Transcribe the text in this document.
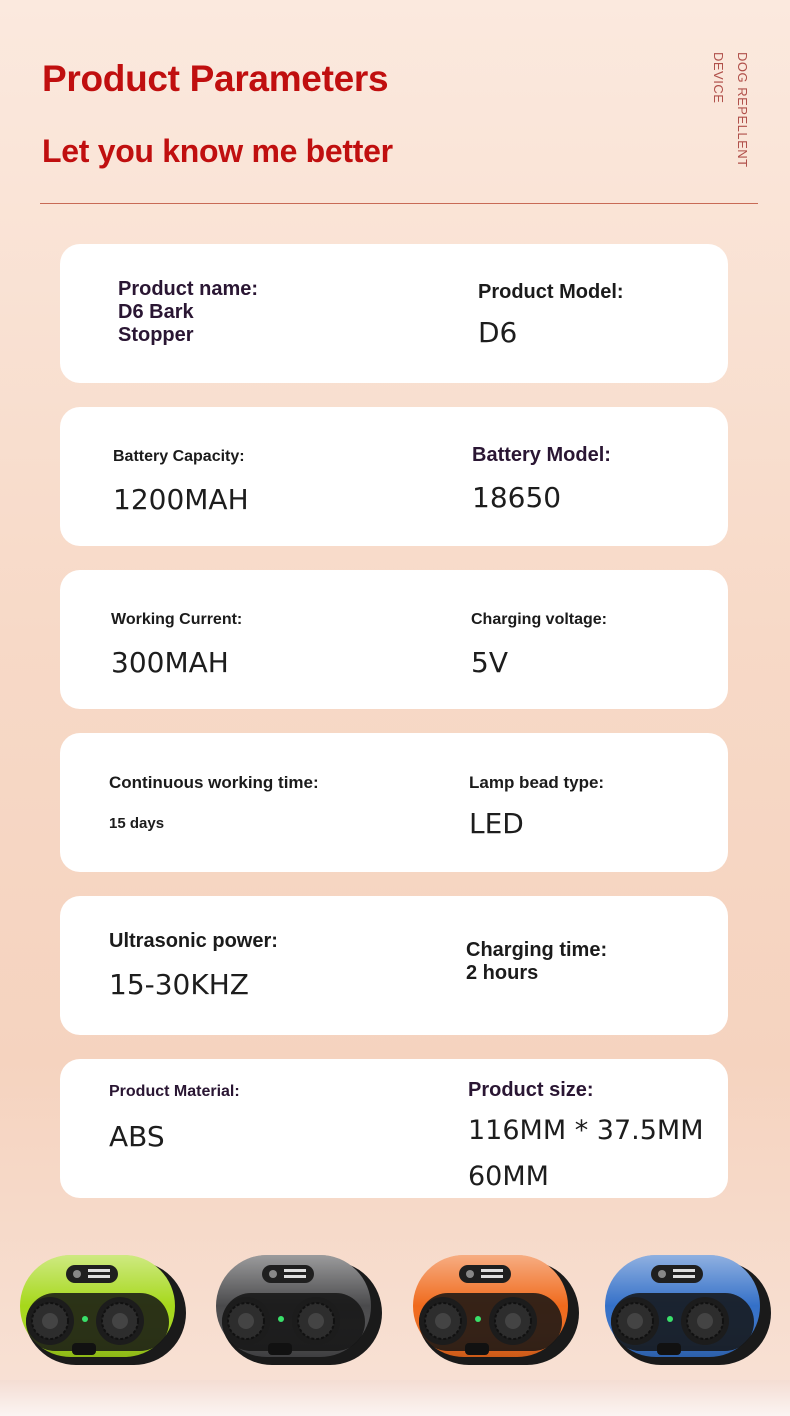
Product Parameters
Let you know me better	DOG REPELLENT
DEVICE
Product name:
D6 Bark
Stopper
Product Model:
D6
Battery Capacity:
1200MAH
Battery Model:
18650
Working Current:
300MAH
Charging voltage:
5V
Continuous working time:
15 days
Lamp bead type:
LED
Ultrasonic power:
15-30KHZ
Charging time:
2 hours
Product Material:
ABS
Product size:
116MM * 37.5MM
60MM
